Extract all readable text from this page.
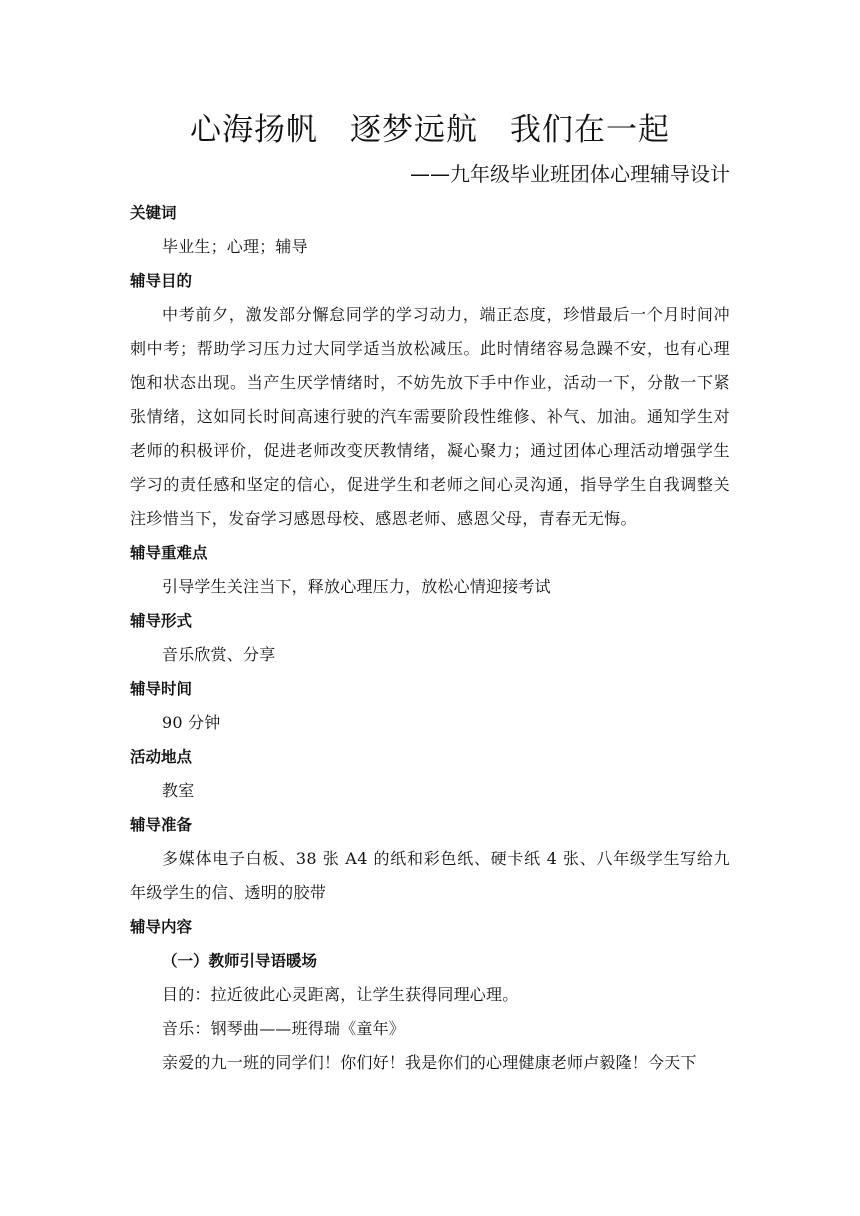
心海扬帆　逐梦远航　我们在一起
——九年级毕业班团体心理辅导设计
关键词
毕业生；心理；辅导
辅导目的
中考前夕，激发部分懈怠同学的学习动力，端正态度，珍惜最后一个月时间冲刺中考；帮助学习压力过大同学适当放松减压。此时情绪容易急躁不安，也有心理饱和状态出现。当产生厌学情绪时，不妨先放下手中作业，活动一下，分散一下紧张情绪，这如同长时间高速行驶的汽车需要阶段性维修、补气、加油。通知学生对老师的积极评价，促进老师改变厌教情绪，凝心聚力；通过团体心理活动增强学生学习的责任感和坚定的信心，促进学生和老师之间心灵沟通，指导学生自我调整关注珍惜当下，发奋学习感恩母校、感恩老师、感恩父母，青春无无悔。
辅导重难点
引导学生关注当下，释放心理压力，放松心情迎接考试
辅导形式
音乐欣赏、分享
辅导时间
90 分钟
活动地点
教室
辅导准备
多媒体电子白板、38 张 A4 的纸和彩色纸、硬卡纸 4 张、八年级学生写给九年级学生的信、透明的胶带
辅导内容
（一）教师引导语暖场
目的：拉近彼此心灵距离，让学生获得同理心理。
音乐：钢琴曲——班得瑞《童年》
亲爱的九一班的同学们！你们好！我是你们的心理健康老师卢毅隆！今天下
